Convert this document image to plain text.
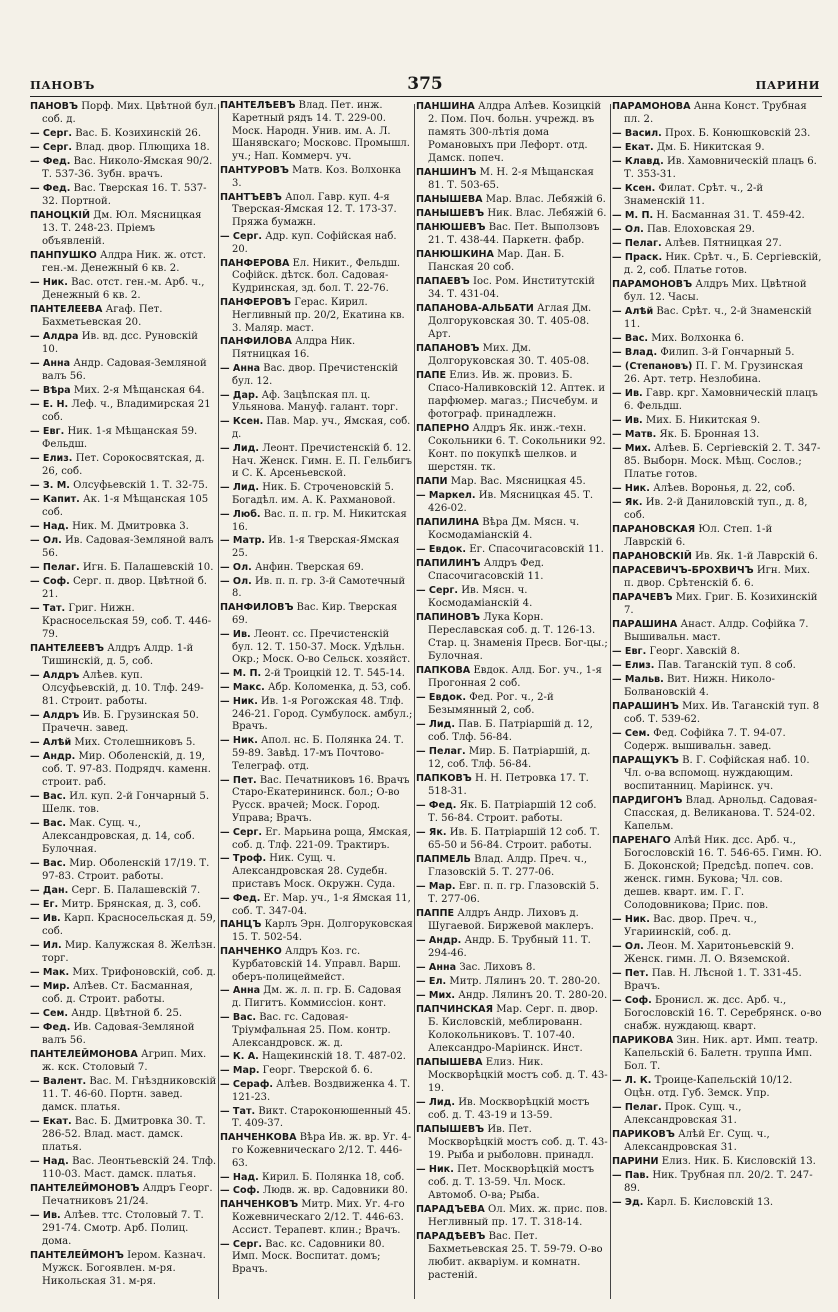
ПАНОВЪ	375	ПАРИНИ
ПАНОВЪ Порф. Мих. Цвѣтной бул. соб. д.
— Серг. Вас. Б. Козихинскій 26.
— Серг. Влад. двор. Плющиха 18.
— Фед. Вас. Николо-Ямская 90/2. Т. 537-36. Зубн. врачъ.
— Фед. Вас. Тверская 16. Т. 537-32. Портной.
ПАНОЦКІЙ Дм. Юл. Мясницкая 13. Т. 248-23. Пріемъ объявленій.
ПАНПУШКО Алдра Ник. ж. отст. ген.-м. Денежный 6 кв. 2.
— Ник. Вас. отст. ген.-м. Арб. ч., Денежный 6 кв. 2.
ПАНТЕЛЕЕВА Агаф. Пет. Бахметьевская 20.
— Алдра Ив. вд. дсс. Руновскій 10.
— Анна Андр. Садовая-Земляной валъ 56.
— Вѣра Мих. 2-я Мѣщанская 64.
— Е. Н. Леф. ч., Владимирская 21 соб.
— Евг. Ник. 1-я Мѣщанская 59. Фельдш.
— Елиз. Пет. Сорокосвятская, д. 26, соб.
— З. М. Олсуфьевскій 1. Т. 32-75.
— Капит. Ак. 1-я Мѣщанская 105 соб.
— Над. Ник. М. Дмитровка 3.
— Ол. Ив. Садовая-Земляной валъ 56.
— Пелаг. Игн. Б. Палашевскій 10.
— Соф. Серг. п. двор. Цвѣтной б. 21.
— Тат. Григ. Нижн. Красносельская 59, соб. Т. 446-79.
ПАНТЕЛЕЕВЪ Алдръ Алдр. 1-й Тишинскій, д. 5, соб.
— Алдръ Алѣев. куп. Олсуфьевскій, д. 10. Тлф. 249-81. Строит. работы.
— Алдръ Ив. Б. Грузинская 50. Прачечн. завед.
— Алѣй Мих. Столешниковъ 5.
— Андр. Мир. Оболенскій, д. 19, соб. Т. 97-83. Подрядч. каменн. строит. раб.
— Вас. Ил. куп. 2-й Гончарный 5. Шелк. тов.
— Вас. Мак. Сущ. ч., Александровская, д. 14, соб. Булочная.
— Вас. Мир. Оболенскій 17/19. Т. 97-83. Строит. работы.
— Дан. Серг. Б. Палашевскій 7.
— Ег. Митр. Брянская, д. 3, соб.
— Ив. Карп. Красносельская д. 59, соб.
— Ил. Мир. Калужская 8. Желѣзн. торг.
— Мак. Мих. Трифоновскій, соб. д.
— Мир. Алѣев. Ст. Басманная, соб. д. Строит. работы.
— Сем. Андр. Цвѣтной б. 25.
— Фед. Ив. Садовая-Земляной валъ 56.
ПАНТЕЛЕЙМОНОВА Агрип. Мих. ж. кск. Столовый 7.
— Валент. Вас. М. Гнѣздниковскій 11. Т. 46-60. Портн. завед. дамск. платья.
— Екат. Вас. Б. Дмитровка 30. Т. 286-52. Влад. маст. дамск. платья.
— Над. Вас. Леонтьевскій 24. Тлф. 110-03. Маст. дамск. платья.
ПАНТЕЛЕЙМОНОВЪ Алдръ Георг. Печатниковъ 21/24.
— Ив. Алѣев. ттс. Столовый 7. Т. 291-74. Смотр. Арб. Полиц. дома.
ПАНТЕЛЕЙМОНЪ Іером. Казнач. Мужск. Богоявлен. м-ря. Никольская 31. м-ря.
ПАНТЕЛѢЕВЪ Влад. Пет. инж. Каретный рядъ 14. Т. 229-00. Моск. Народн. Унив. им. А. Л. Шанявскаго; Московс. Промышл. уч.; Нап. Коммерч. уч.
ПАНТУРОВЪ Матв. Коз. Волхонка 3.
ПАНТЪЕВЪ Апол. Гавр. куп. 4-я Тверская-Ямская 12. Т. 173-37. Пряжа бумажн.
— Серг. Адр. куп. Софійская наб. 20.
ПАНФЕРОВА Ел. Никит., Фельдш. Софійск. дѣтск. бол. Садовая-Кудринская, зд. бол. Т. 22-76.
ПАНФЕРОВЪ Герас. Кирил. Негливный пр. 20/2, Екатина кв. 3. Маляр. маст.
ПАНФИЛОВА Алдра Ник. Пятницкая 16.
— Анна Вас. двор. Пречистенскій бул. 12.
— Дар. Аф. Зацѣпская пл. ц. Ульянова. Мануф. галант. торг.
— Ксен. Пав. Мар. уч., Ямская, соб. д.
— Лид. Леонт. Пречистенскій б. 12. Нач. Женск. Гимн. Е. П. Гельбигъ и С. К. Арсеньевской.
— Лид. Ник. Б. Строченовскій 5. Богадѣл. им. А. К. Рахмановой.
— Люб. Вас. п. п. гр. М. Никитская 16.
— Матр. Ив. 1-я Тверская-Ямская 25.
— Ол. Анфин. Тверская 69.
— Ол. Ив. п. п. гр. 3-й Самотечный 8.
ПАНФИЛОВЪ Вас. Кир. Тверская 69.
— Ив. Леонт. сс. Пречистенскій бул. 12. Т. 150-37. Моск. Удѣльн. Окр.; Моск. О-во Сельск. хозяйст.
— М. П. 2-й Троицкій 12. Т. 545-14.
— Макс. Абр. Коломенка, д. 53, соб.
— Ник. Ив. 1-я Рогожская 48. Тлф. 246-21. Город. Сумбулоск. амбул.; Врачъ.
— Ник. Апол. нс. Б. Полянка 24. Т. 59-89. Завѣд. 17-мъ Почтово-Телеграф. отд.
— Пет. Вас. Печатниковъ 16. Врачъ Старо-Екатерининск. бол.; О-во Русск. врачей; Моск. Город. Управа; Врачъ.
— Серг. Ег. Марьина роща, Ямская, соб. д. Тлф. 221-09. Трактиръ.
— Троф. Ник. Сущ. ч. Александровская 28. Судебн. приставъ Моск. Окружн. Суда.
— Фед. Ег. Мар. уч., 1-я Ямская 11, соб. Т. 347-04.
ПАНЦЪ Карлъ Эрн. Долгоруковская 15. Т. 502-54.
ПАНЧЕНКО Алдръ Коз. гс. Курбатовскій 14. Управл. Варш. оберъ-полицеймейст.
— Анна Дм. ж. л. п. гр. Б. Садовая д. Пигитъ. Коммиссіон. конт.
— Вас. Вас. гс. Садовая-Тріумфальная 25. Пом. контр. Александровск. ж. д.
— К. А. Нащекинскій 18. Т. 487-02.
— Мар. Георг. Тверской б. 6.
— Сераф. Алѣев. Воздвиженка 4. Т. 121-23.
— Тат. Викт. Староконюшенный 45. Т. 409-37.
ПАНЧЕНКОВА Вѣра Ив. ж. вр. Уг. 4-го Кожевническаго 2/12. Т. 446-63.
— Над. Кирил. Б. Полянка 18, соб.
— Соф. Людв. ж. вр. Садовники 80.
ПАНЧЕНКОВЪ Митр. Мих. Уг. 4-го Кожевническаго 2/12. Т. 446-63. Ассист. Терапевт. клин.; Врачъ.
— Серг. Вас. кс. Садовники 80. Имп. Моск. Воспитат. домъ; Врачъ.
ПАНШИНА Алдра Алѣев. Козицкій 2. Пом. Поч. больн. учрежд. въ память 300-лѣтія дома Романовыхъ при Лефорт. отд. Дамск. попеч.
ПАНШИНЪ М. Н. 2-я Мѣщанская 81. Т. 503-65.
ПАНЫШЕВА Мар. Влас. Лебяжій 6.
ПАНЫШЕВЪ Ник. Влас. Лебяжій 6.
ПАНЮШЕВЪ Вас. Пет. Выползовъ 21. Т. 438-44. Паркетн. фабр.
ПАНЮШКИНА Мар. Дан. Б. Панская 20 соб.
ПАПАЕВЪ Іос. Ром. Институтскій 34. Т. 431-04.
ПАПАНОВА-АЛЬБАТИ Аглая Дм. Долгоруковская 30. Т. 405-08. Арт.
ПАПАНОВЪ Мих. Дм. Долгоруковская 30. Т. 405-08.
ПАПЕ Елиз. Ив. ж. провиз. Б. Спасо-Наливковскій 12. Аптек. и парфюмер. магаз.; Писчебум. и фотограф. принадлежн.
ПАПЕРНО Алдръ Як. инж.-техн. Сокольники 6. Т. Сокольники 92. Конт. по покупкѣ шелков. и шерстян. тк.
ПАПИ Мар. Вас. Мясницкая 45.
— Маркел. Ив. Мясницкая 45. Т. 426-02.
ПАПИЛИНА Вѣра Дм. Мясн. ч. Космодаміанскій 4.
— Евдок. Ег. Спасочигасовскій 11.
ПАПИЛИНЪ Алдръ Фед. Спасочигасовскій 11.
— Серг. Ив. Мясн. ч. Космодаміанскій 4.
ПАПИНОВЪ Лука Корн. Переславская соб. д. Т. 126-13. Стар. ц. Знаменія Пресв. Бог-цы.; Булочная.
ПАПКОВА Евдок. Алд. Бог. уч., 1-я Прогонная 2 соб.
— Евдок. Фед. Рог. ч., 2-й Безымянный 2, соб.
— Лид. Пав. Б. Патріаршій д. 12, соб. Тлф. 56-84.
— Пелаг. Мир. Б. Патріаршій, д. 12, соб. Тлф. 56-84.
ПАПКОВЪ Н. Н. Петровка 17. Т. 518-31.
— Фед. Як. Б. Патріаршій 12 соб. Т. 56-84. Строит. работы.
— Як. Ив. Б. Патріаршій 12 соб. Т. 65-50 и 56-84. Строит. работы.
ПАПМЕЛЬ Влад. Алдр. Преч. ч., Глазовскій 5. Т. 277-06.
— Мар. Евг. п. п. гр. Глазовскій 5. Т. 277-06.
ПАППЕ Алдръ Андр. Лиховъ д. Шугаевой. Биржевой маклеръ.
— Андр. Андр. Б. Трубный 11. Т. 294-46.
— Анна Зас. Лиховъ 8.
— Ел. Митр. Лялинъ 20. Т. 280-20.
— Мих. Андр. Лялинъ 20. Т. 280-20.
ПАПЧИНСКАЯ Мар. Серг. п. двор. Б. Кисловскій, меблированн. Колокольниковъ. Т. 107-40. Александро-Маріинск. Инст.
ПАПЫШЕВА Елиз. Ник. Москворѣцкій мостъ соб. д. Т. 43-19.
— Лид. Ив. Москворѣцкій мостъ соб. д. Т. 43-19 и 13-59.
ПАПЫШЕВЪ Ив. Пет. Москворѣцкій мостъ соб. д. Т. 43-19. Рыба и рыболовн. принадл.
— Ник. Пет. Москворѣцкій мостъ соб. д. Т. 13-59. Чл. Моск. Автомоб. О-ва; Рыба.
ПАРАДЪЕВА Ол. Мих. ж. прис. пов. Негливный пр. 17. Т. 318-14.
ПАРАДѢЕВЪ Вас. Пет. Бахметьевская 25. Т. 59-79. О-во любит. акваріум. и комнатн. растеній.
ПАРАМОНОВА Анна Конст. Трубная пл. 2.
— Васил. Прох. Б. Конюшковскій 23.
— Екат. Дм. Б. Никитская 9.
— Клавд. Ив. Хамовническій плацъ 6. Т. 353-31.
— Ксен. Филат. Срѣт. ч., 2-й Знаменскій 11.
— М. П. Н. Басманная 31. Т. 459-42.
— Ол. Пав. Елоховская 29.
— Пелаг. Алѣев. Пятницкая 27.
— Праск. Ник. Срѣт. ч., Б. Сергіевскій, д. 2, соб. Платье готов.
ПАРАМОНОВЪ Алдръ Мих. Цвѣтной бул. 12. Часы.
— Алѣй Вас. Срѣт. ч., 2-й Знаменскій 11.
— Вас. Мих. Волхонка 6.
— Влад. Филип. 3-й Гончарный 5.
— (Степановъ) П. Г. М. Грузинская 26. Арт. тетр. Незлобина.
— Ив. Гавр. крг. Хамовническій плацъ 6. Фельдш.
— Ив. Мих. Б. Никитская 9.
— Матв. Як. Б. Бронная 13.
— Мих. Алѣев. Б. Сергіевскій 2. Т. 347-85. Выборн. Моск. Мѣщ. Сослов.; Платье готов.
— Ник. Алѣев. Воронья, д. 22, соб.
— Як. Ив. 2-й Даниловскій туп., д. 8, соб.
ПАРАНОВСКАЯ Юл. Степ. 1-й Лаврскій 6.
ПАРАНОВСКІЙ Ив. Як. 1-й Лаврскій 6.
ПАРАСЕВИЧЪ-БРОХВИЧЪ Игн. Мих. п. двор. Срѣтенскій б. 6.
ПАРАЧЕВЪ Мих. Григ. Б. Козихинскій 7.
ПАРАШИНА Анаст. Алдр. Софійка 7. Вышивальн. маст.
— Евг. Георг. Хавскій 8.
— Елиз. Пав. Таганскій туп. 8 соб.
— Мальв. Вит. Нижн. Николо-Болвановскій 4.
ПАРАШИНЪ Мих. Ив. Таганскій туп. 8 соб. Т. 539-62.
— Сем. Фед. Софійка 7. Т. 94-07. Содерж. вышивальн. завед.
ПАРАЩУКЪ В. Г. Софійская наб. 10. Чл. о-ва вспомощ. нуждающим. воспитанниц. Маріинск. уч.
ПАРДИГОНЪ Влад. Арнольд. Садовая-Спасская, д. Великанова. Т. 524-02. Капельм.
ПАРЕНАГО Алѣй Ник. дсс. Арб. ч., Богословскій 16. Т. 546-65. Гимн. Ю. Б. Доконской; Предсѣд. попеч. сов. женск. гимн. Букова; Чл. сов. дешев. кварт. им. Г. Г. Солодовникова; Прис. пов.
— Ник. Вас. двор. Преч. ч., Угариинскій, соб. д.
— Ол. Леон. М. Харитоньевскій 9. Женск. гимн. Л. О. Вяземской.
— Пет. Пав. Н. Лѣсной 1. Т. 331-45. Врачъ.
— Соф. Бронисл. ж. дсс. Арб. ч., Богословскій 16. Т. Серебрянск. о-во снабж. нуждающ. кварт.
ПАРИКОВА Зин. Ник. арт. Имп. театр. Капельскій 6. Балетн. труппа Имп. Бол. Т.
— Л. К. Троице-Капельскій 10/12. Оцѣн. отд. Губ. Земск. Упр.
— Пелаг. Прок. Сущ. ч., Александровская 31.
ПАРИКОВЪ Алѣй Ег. Сущ. ч., Александровская 31.
ПАРИНИ Елиз. Ник. Б. Кисловскій 13.
— Пав. Ник. Трубная пл. 20/2. Т. 247-89.
— Эд. Карл. Б. Кисловскій 13.
